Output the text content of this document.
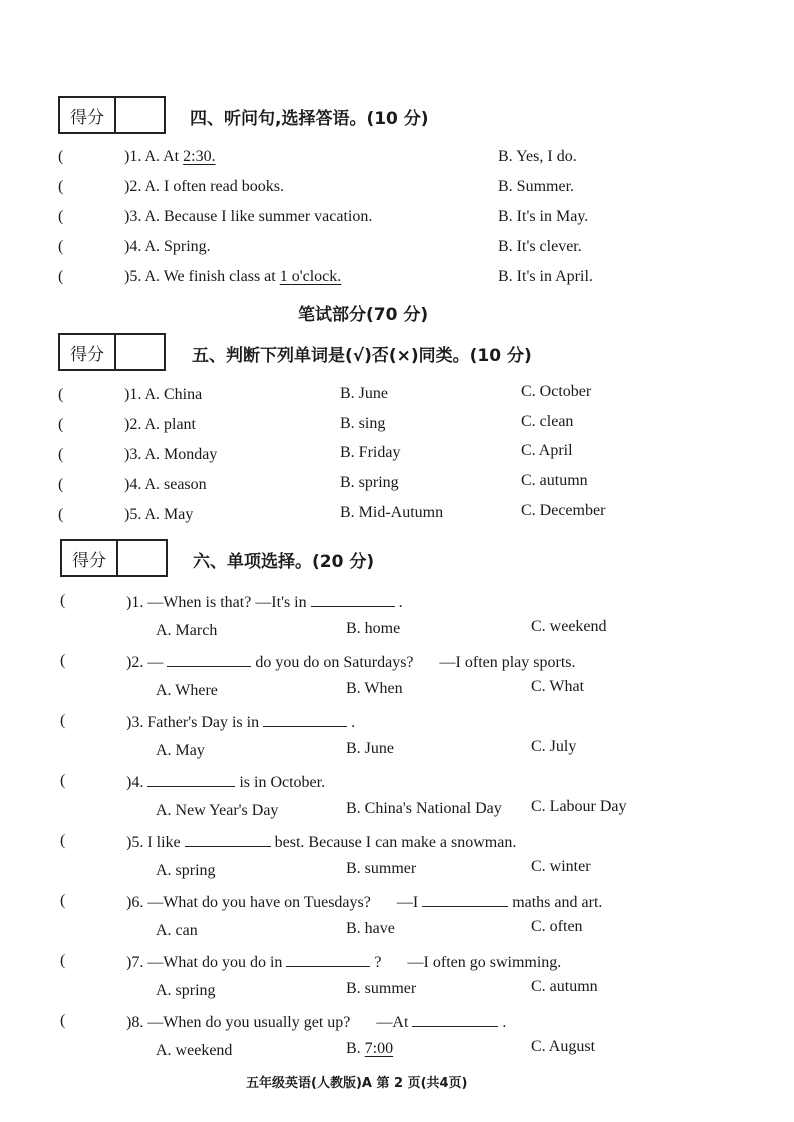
得分	四、听问句,选择答语。(10 分)
(	)1. A. At 2:30.	B. Yes, I do.
(	)2. A. I often read books.	B. Summer.
(	)3. A. Because I like summer vacation.	B. It's in May.
(	)4. A. Spring.	B. It's clever.
(	)5. A. We finish class at 1 o'clock.	B. It's in April.
笔试部分(70 分)
得分	五、判断下列单词是(√)否(×)同类。(10 分)
(	)1. A. China	B. June	C. October
(	)2. A. plant	B. sing	C. clean
(	)3. A. Monday	B. Friday	C. April
(	)4. A. season	B. spring	C. autumn
(	)5. A. May	B. Mid-Autumn	C. December
得分	六、单项选择。(20 分)
(	)1. —When is that? —It's in	.
A. March	B. home	C. weekend
(	)2. —	do you do on Saturdays? —I often play sports.
A. Where	B. When	C. What
(	)3. Father's Day is in	.
A. May	B. June	C. July
(	)4.	is in October.
A. New Year's Day	B. China's National Day C. Labour Day
(	)5. I like	best. Because I can make a snowman.
A. spring	B. summer	C. winter
(	)6. —What do you have on Tuesdays? —I	maths and art.
A. can	B. have	C. often
(	)7. —What do you do in	? —I often go swimming.
A. spring	B. summer	C. autumn
(	)8. —When do you usually get up? —At	.
A. weekend	B. 7:00	C. August
五年级英语(人教版)A 第 2 页(共4页)
